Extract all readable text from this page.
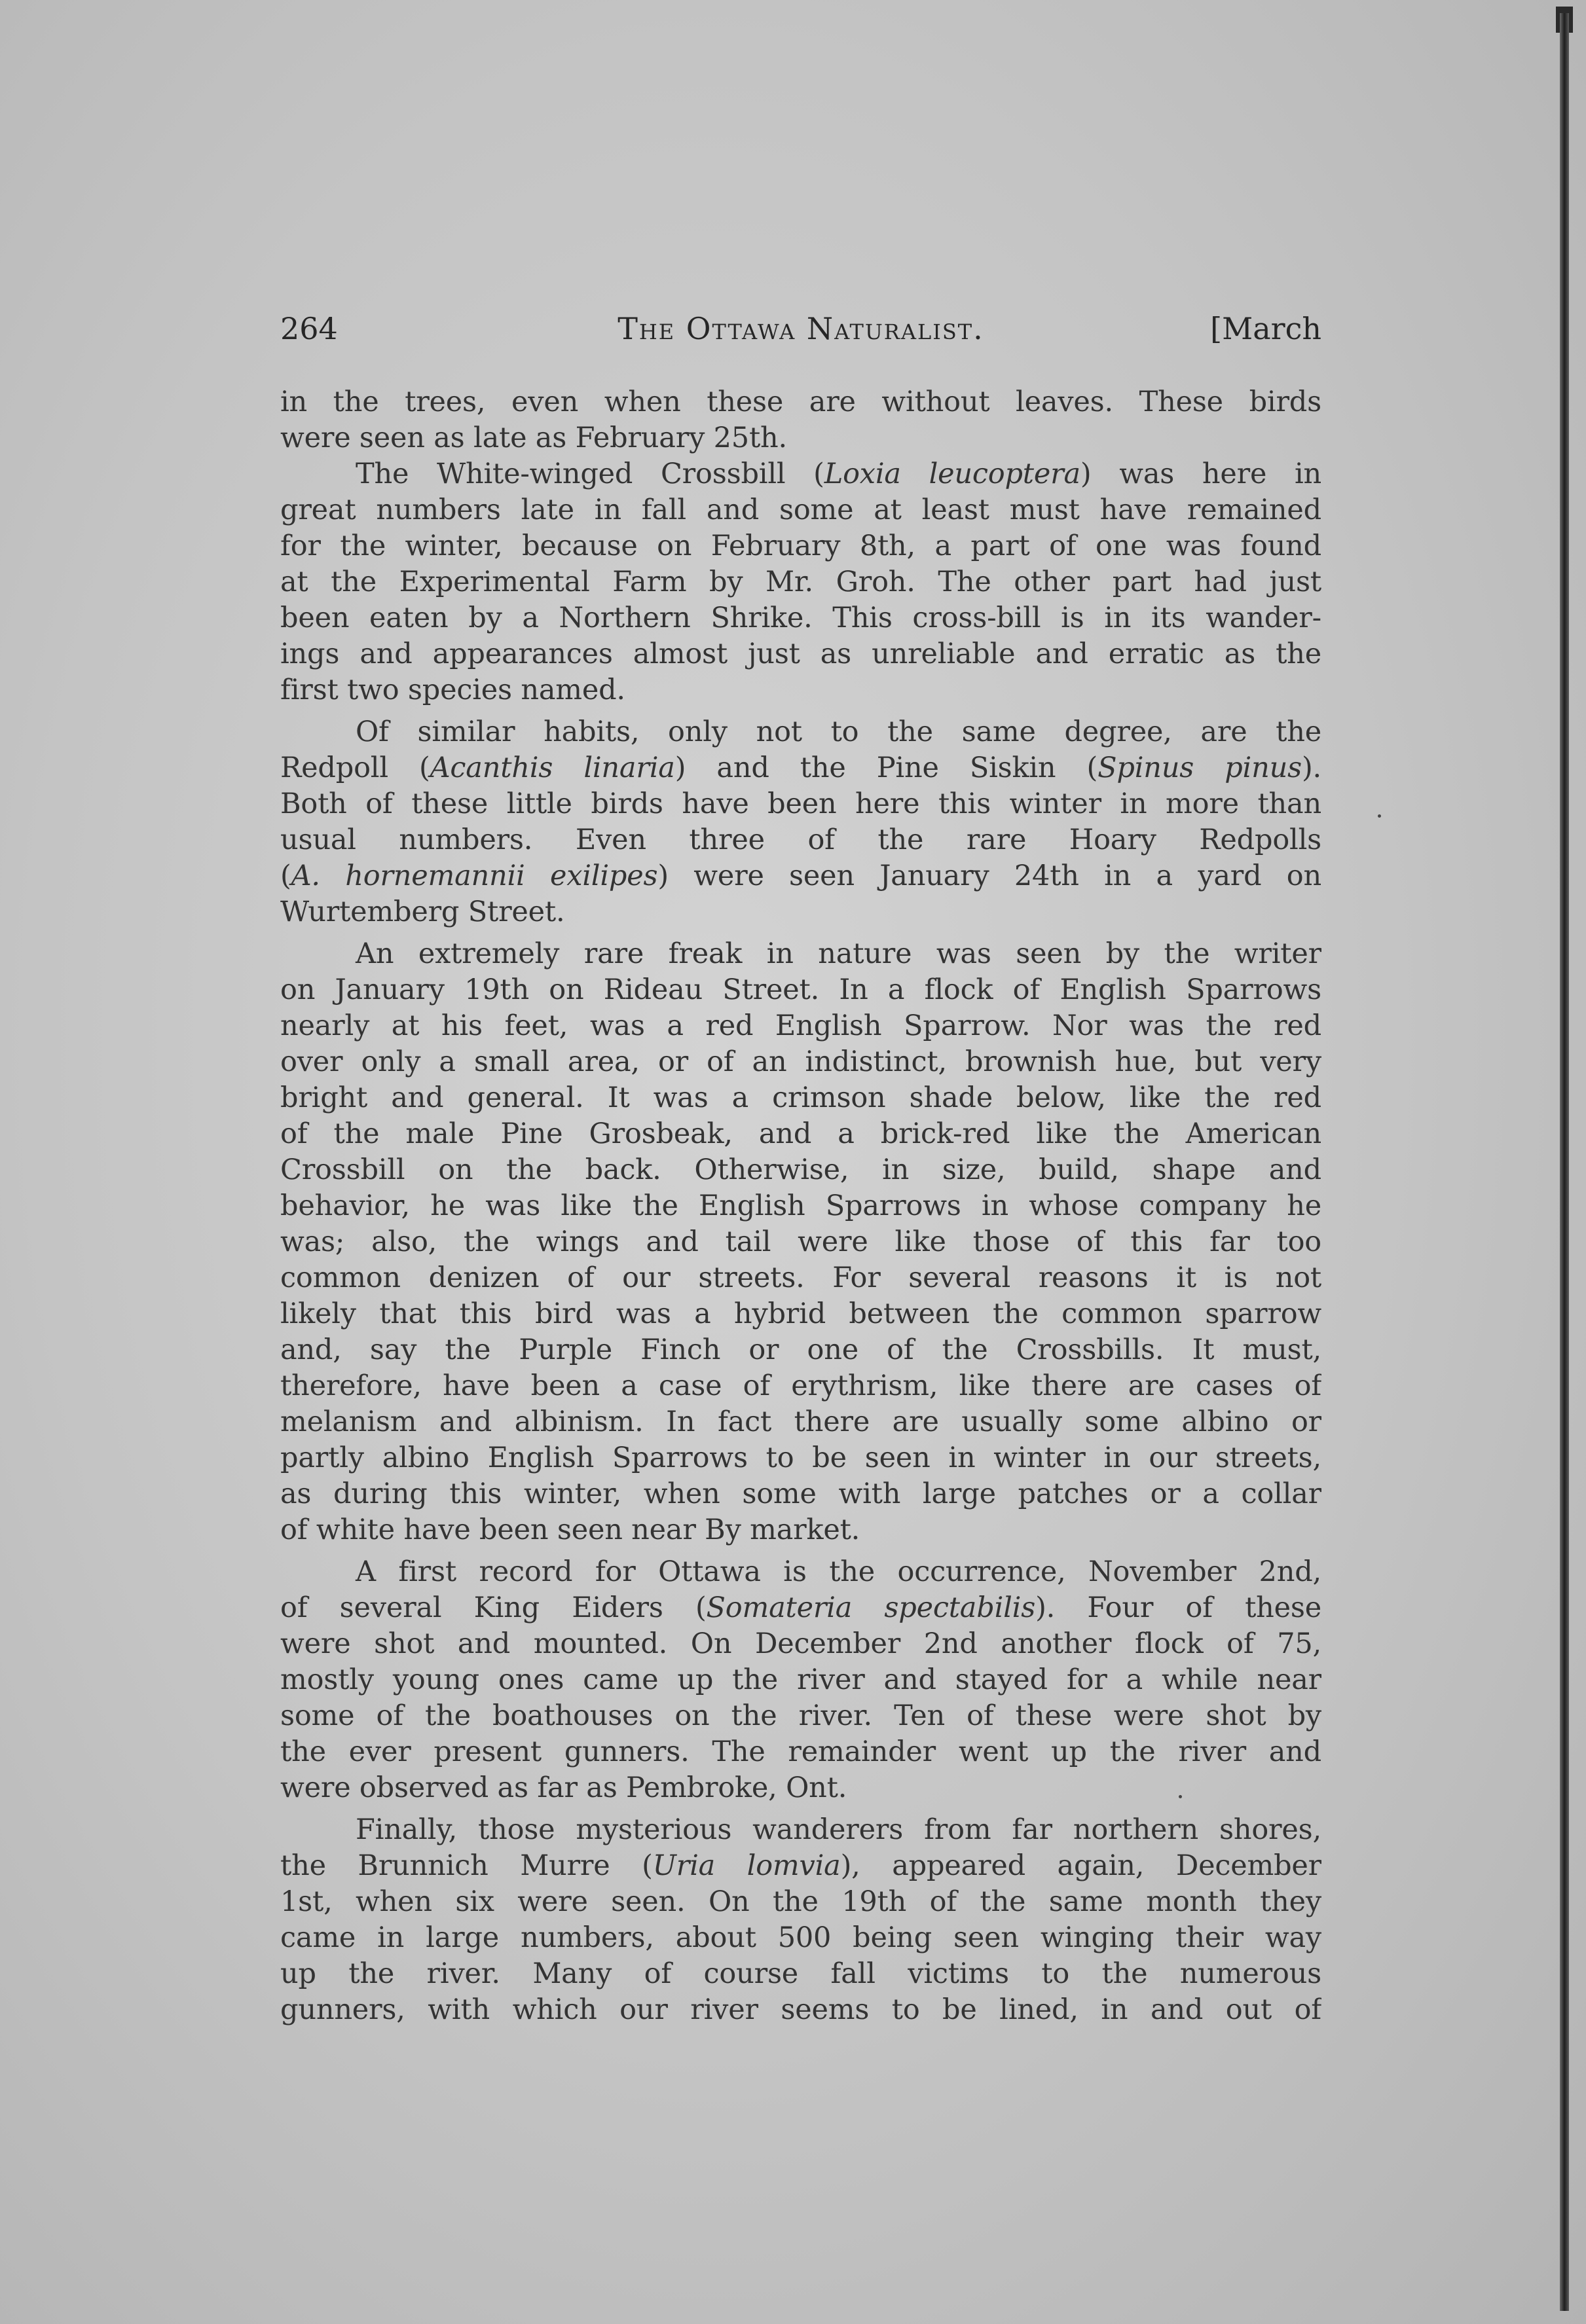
264	The Ottawa Naturalist.	[March
in the trees, even when these are without leaves. These birds
were seen as late as February 25th.
The White-winged Crossbill (Loxia leucoptera) was here in
great numbers late in fall and some at least must have remained
for the winter, because on February 8th, a part of one was found
at the Experimental Farm by Mr. Groh. The other part had just
been eaten by a Northern Shrike. This cross-bill is in its wander-
ings and appearances almost just as unreliable and erratic as the
first two species named.
Of similar habits, only not to the same degree, are the
Redpoll (Acanthis linaria) and the Pine Siskin (Spinus pinus).
Both of these little birds have been here this winter in more than
usual numbers. Even three of the rare Hoary Redpolls
(A. hornemannii exilipes) were seen January 24th in a yard on
Wurtemberg Street.
An extremely rare freak in nature was seen by the writer
on January 19th on Rideau Street. In a flock of English Sparrows
nearly at his feet, was a red English Sparrow. Nor was the red
over only a small area, or of an indistinct, brownish hue, but very
bright and general. It was a crimson shade below, like the red
of the male Pine Grosbeak, and a brick-red like the American
Crossbill on the back. Otherwise, in size, build, shape and
behavior, he was like the English Sparrows in whose company he
was; also, the wings and tail were like those of this far too
common denizen of our streets. For several reasons it is not
likely that this bird was a hybrid between the common sparrow
and, say the Purple Finch or one of the Crossbills. It must,
therefore, have been a case of erythrism, like there are cases of
melanism and albinism. In fact there are usually some albino or
partly albino English Sparrows to be seen in winter in our streets,
as during this winter, when some with large patches or a collar
of white have been seen near By market.
A first record for Ottawa is the occurrence, November 2nd,
of several King Eiders (Somateria spectabilis). Four of these
were shot and mounted. On December 2nd another flock of 75,
mostly young ones came up the river and stayed for a while near
some of the boathouses on the river. Ten of these were shot by
the ever present gunners. The remainder went up the river and
were observed as far as Pembroke, Ont.
Finally, those mysterious wanderers from far northern shores,
the Brunnich Murre (Uria lomvia), appeared again, December
1st, when six were seen. On the 19th of the same month they
came in large numbers, about 500 being seen winging their way
up the river. Many of course fall victims to the numerous
gunners, with which our river seems to be lined, in and out of
